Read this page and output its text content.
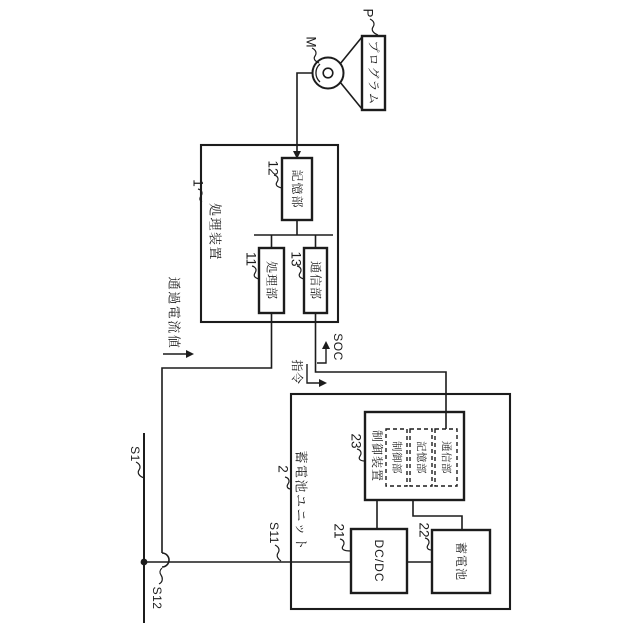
プログラム
P
M
1
処理装置
記憶部
12
処理部
11
通信部
13
通過電流値	SOC
指令
S1
S11
S12
2 蓄電池ユニット
23 制御装置 制御部 記憶部 通信部
DC/DC
21
蓄電池
22
